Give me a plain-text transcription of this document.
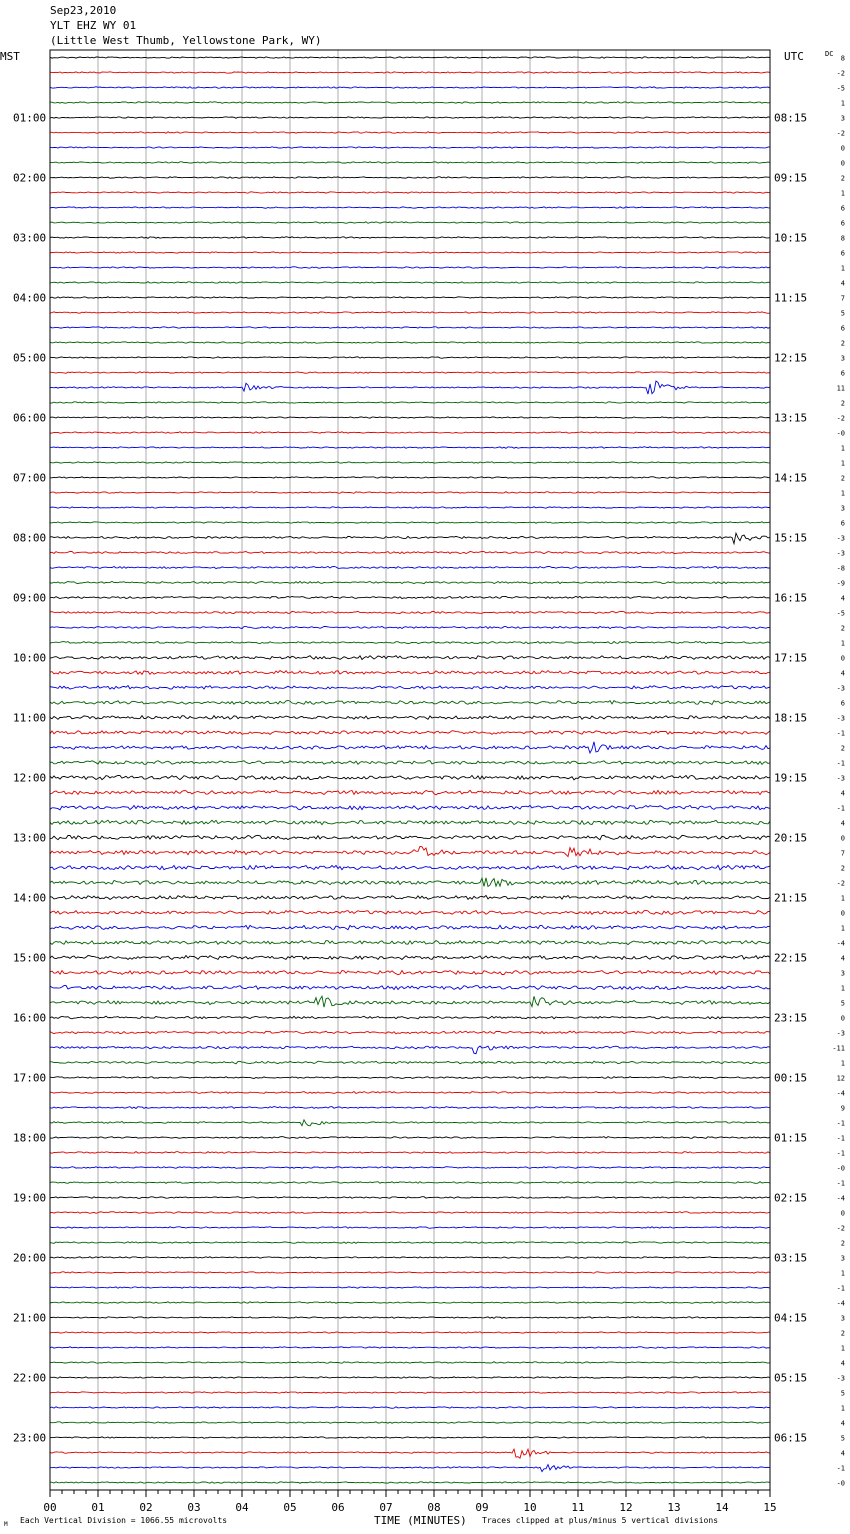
Sep23,2010
YLT EHZ WY 01
(Little West Thumb, Yellowstone Park, WY)
01:00
02:00
03:00
04:00
05:00
06:00
07:00
08:00
09:00
10:00
11:00
12:00
13:00
14:00
15:00
16:00
17:00
18:00
19:00
20:00
21:00
22:00
23:00
08:15
09:15
10:15
11:15
12:15
13:15
14:15
15:15
16:15
17:15
18:15
19:15
20:15
21:15
22:15
23:15
00:15
01:15
02:15
03:15
04:15
05:15
06:15
8
-2
-5
1
3
-2
0
0
2
1
6
6
8
6
1
4
7
5
6
2
3
6
11
2
-2
-0
1
1
2
1
3
6
-3
-3
-8
-9
4
-5
2
1
0
4
-3
6
-3
-1
2
-1
-3
4
-1
4
0
7
2
-2
1
0
1
-4
4
3
1
5
0
-3
-11
1
12
-4
9
-1
-1
-1
-0
-1
-4
0
-2
2
3
1
-1
-4
3
2
1
4
-3
5
1
4
5
4
-1
-0
00	01	02	03	04	05	06	07	08	09	10	11	12	13	14	15
MST	UTC	DC
M Each Vertical Division = 1066.55 microvolts	TIME (MINUTES) Traces clipped at plus/minus 5 vertical divisions
